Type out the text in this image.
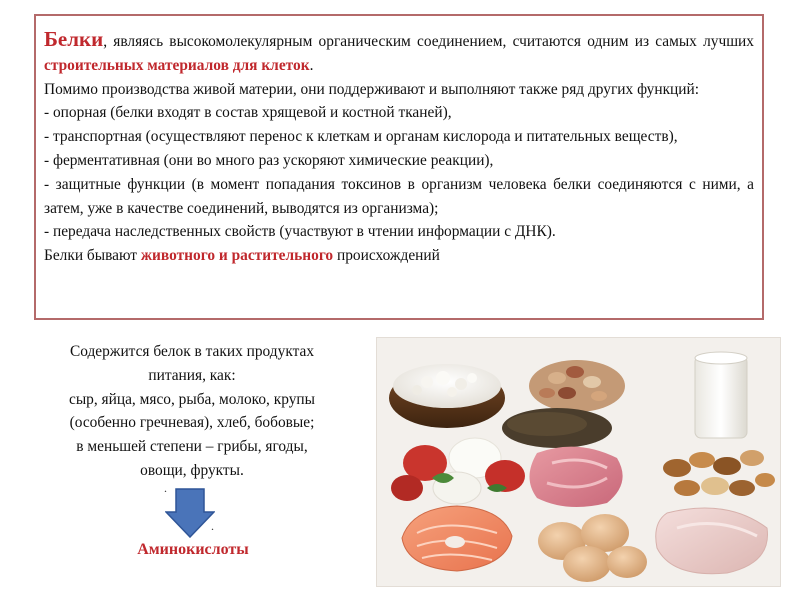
Белки, являясь высокомолекулярным органическим соединением, считаются одним из самых лучших строительных материалов для клеток.

Помимо производства живой материи, они поддерживают и выполняют также ряд других функций:

- опорная (белки входят в состав хрящевой и костной тканей),

- транспортная (осуществляют перенос к клеткам и органам кислорода и питательных веществ),

- ферментативная (они во много раз ускоряют химические реакции),

- защитные функции (в момент попадания токсинов в организм человека белки соединяются с ними, а затем, уже в качестве соединений, выводятся из организма);

- передача наследственных свойств (участвуют в чтении информации с ДНК).

Белки бывают животного и растительного происхождений

Содержится белок в таких продуктах

питания, как:

сыр, яйца, мясо, рыба, молоко, крупы

(особенно гречневая), хлеб, бобовые;

в меньшей степени – грибы, ягоды,

овощи, фрукты.

.
.
Аминокислоты
